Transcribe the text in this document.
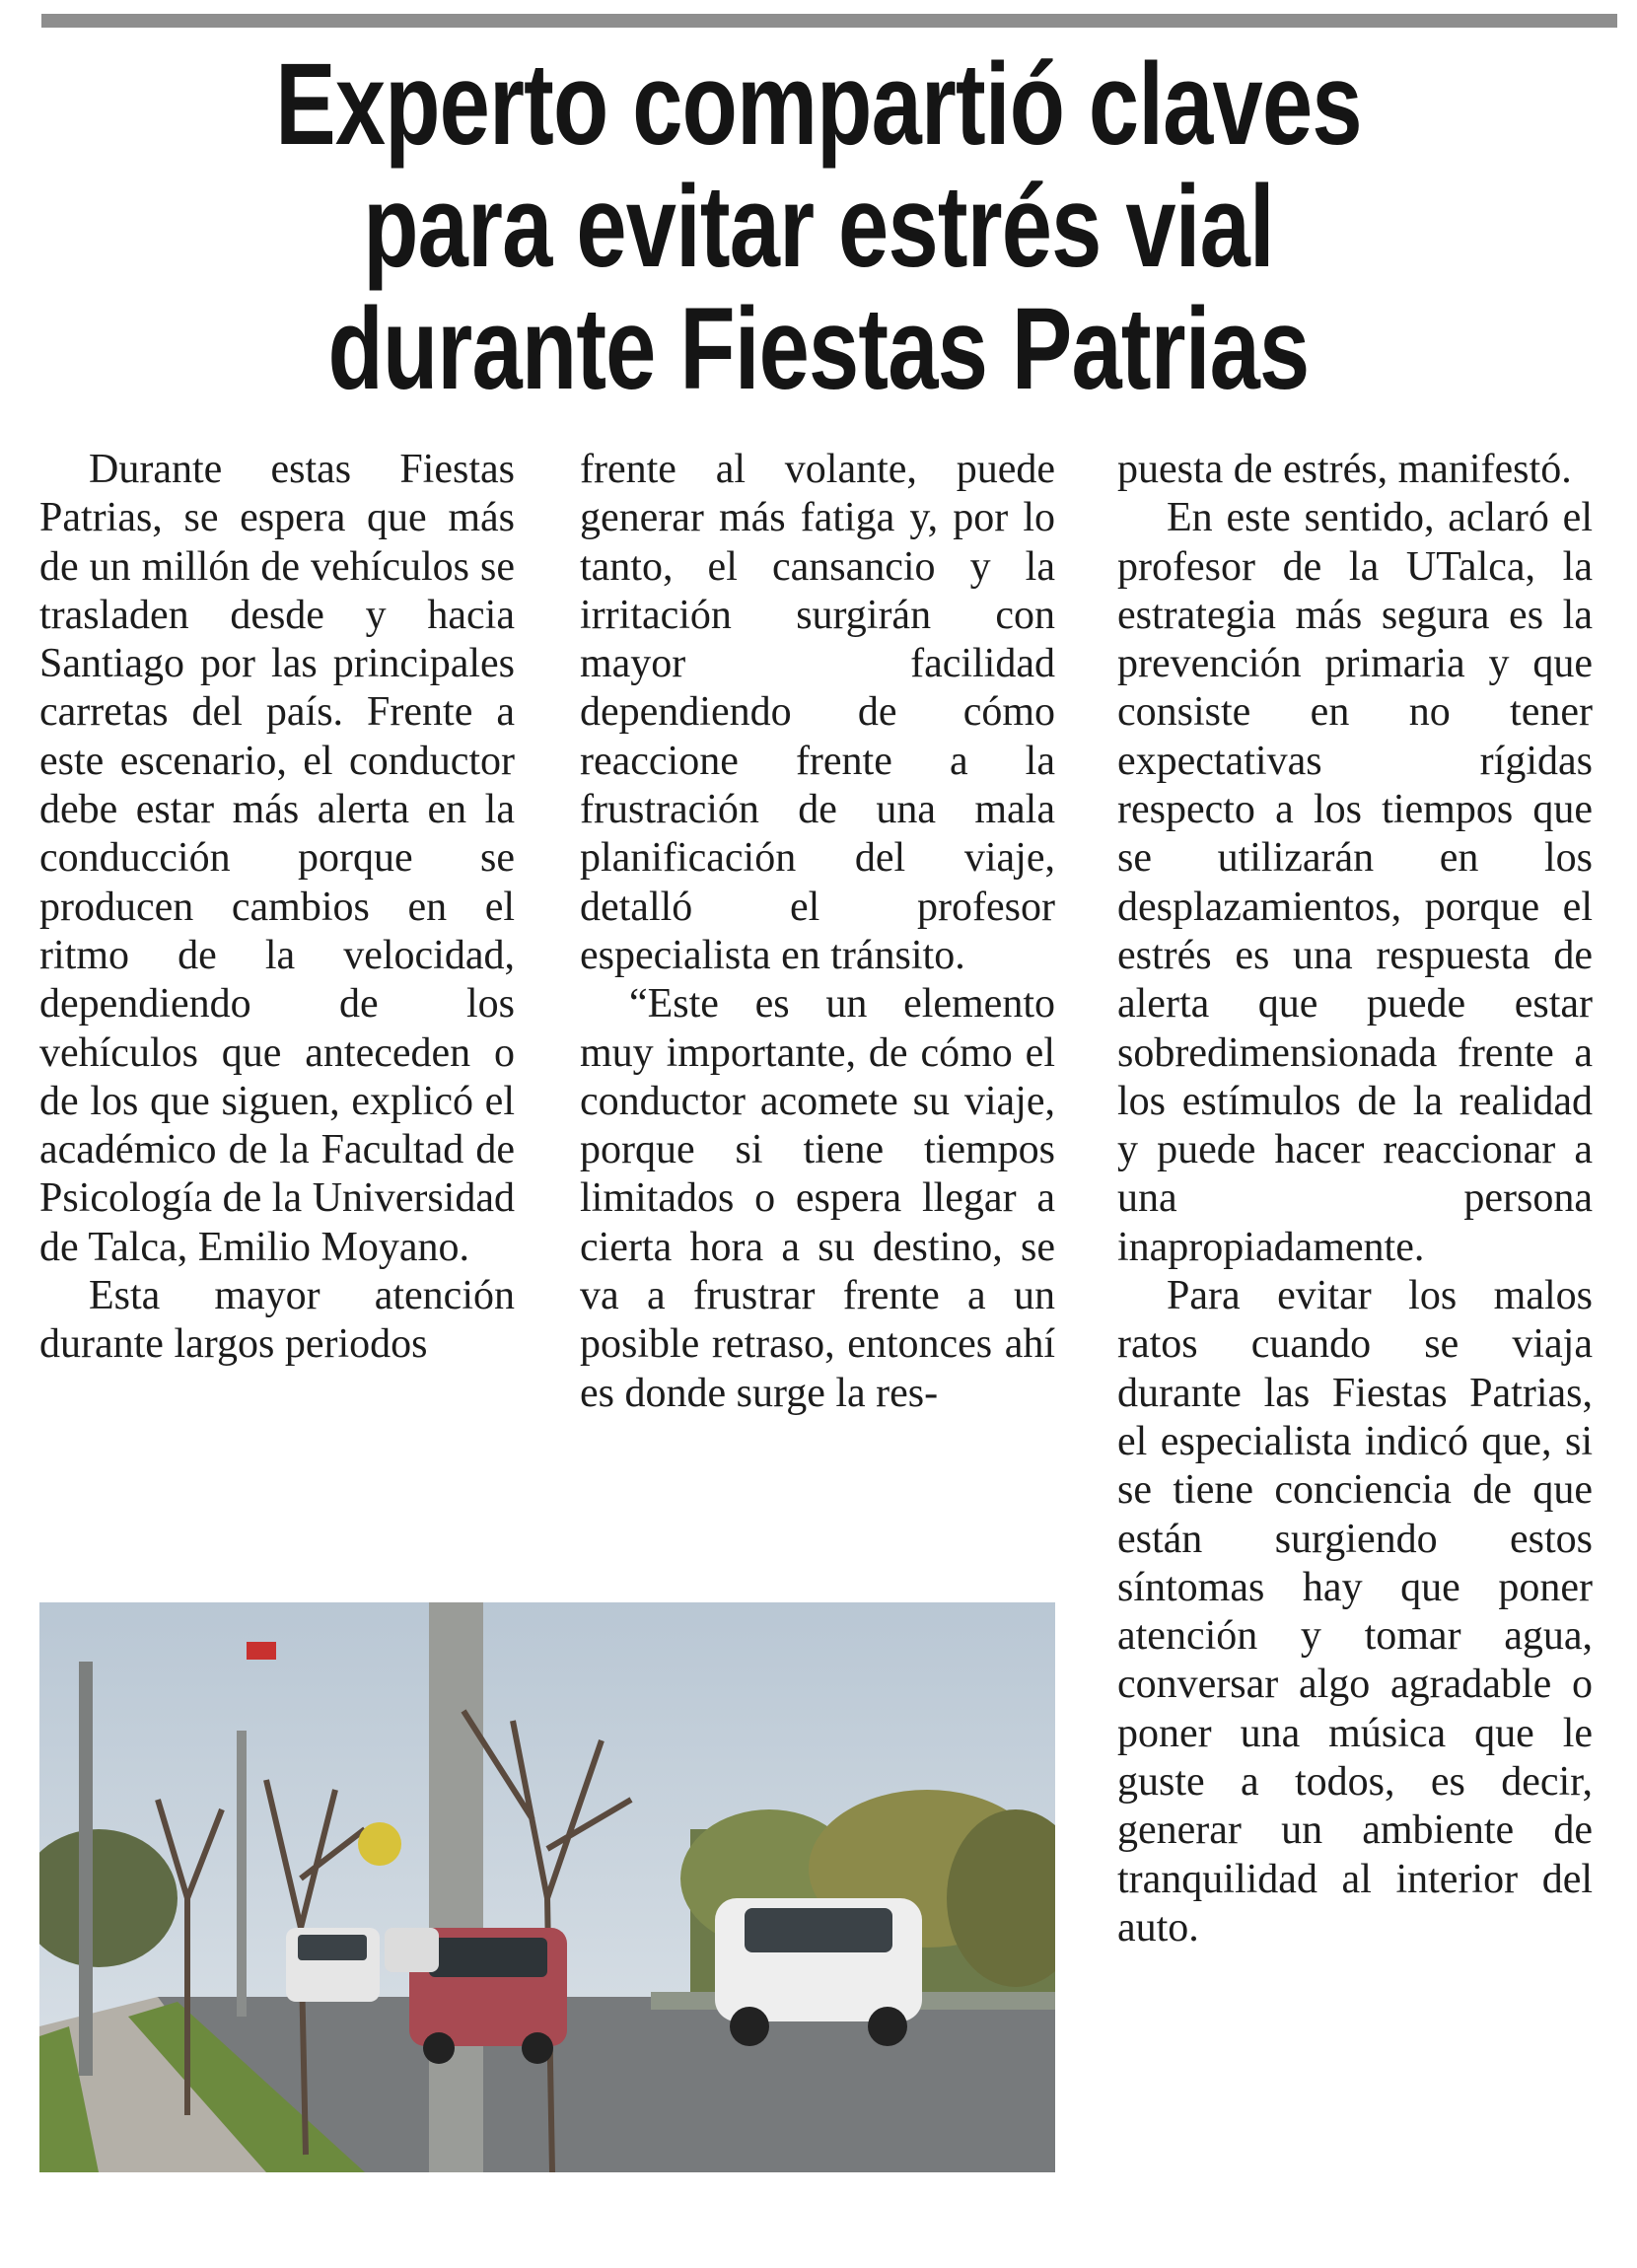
Experto compartió claves
para evitar estrés vial
durante Fiestas Patrias

Durante estas Fiestas Patrias, se espera que más de un millón de vehículos se trasladen desde y hacia Santiago por las principales carretas del país. Frente a este escenario, el conductor debe estar más alerta en la conducción porque se producen cambios en el ritmo de la velocidad, dependiendo de los vehículos que anteceden o de los que siguen, explicó el académico de la Facultad de Psicología de la Universidad de Talca, Emilio Moyano.

Esta mayor atención durante largos periodos

frente al volante, puede generar más fatiga y, por lo tanto, el cansancio y la irritación surgirán con mayor facilidad dependiendo de cómo reaccione frente a la frustración de una mala planificación del viaje, detalló el profesor especialista en tránsito.

“Este es un elemento muy importante, de cómo el conductor acomete su viaje, porque si tiene tiempos limitados o espera llegar a cierta hora a su destino, se va a frustrar frente a un posible retraso, entonces ahí es donde surge la res-

puesta de estrés, manifestó.

En este sentido, aclaró el profesor de la UTalca, la estrategia más segura es la prevención primaria y que consiste en no tener expectativas rígidas respecto a los tiempos que se utilizarán en los desplazamientos, porque el estrés es una respuesta de alerta que puede estar sobredimensionada frente a los estímulos de la realidad y puede hacer reaccionar a una persona inapropiadamente.

Para evitar los malos ratos cuando se viaja durante las Fiestas Patrias, el especialista indicó que, si se tiene conciencia de que están surgiendo estos síntomas hay que poner atención y tomar agua, conversar algo agradable o poner una música que le guste a todos, es decir, generar un ambiente de tranquilidad al interior del auto.
